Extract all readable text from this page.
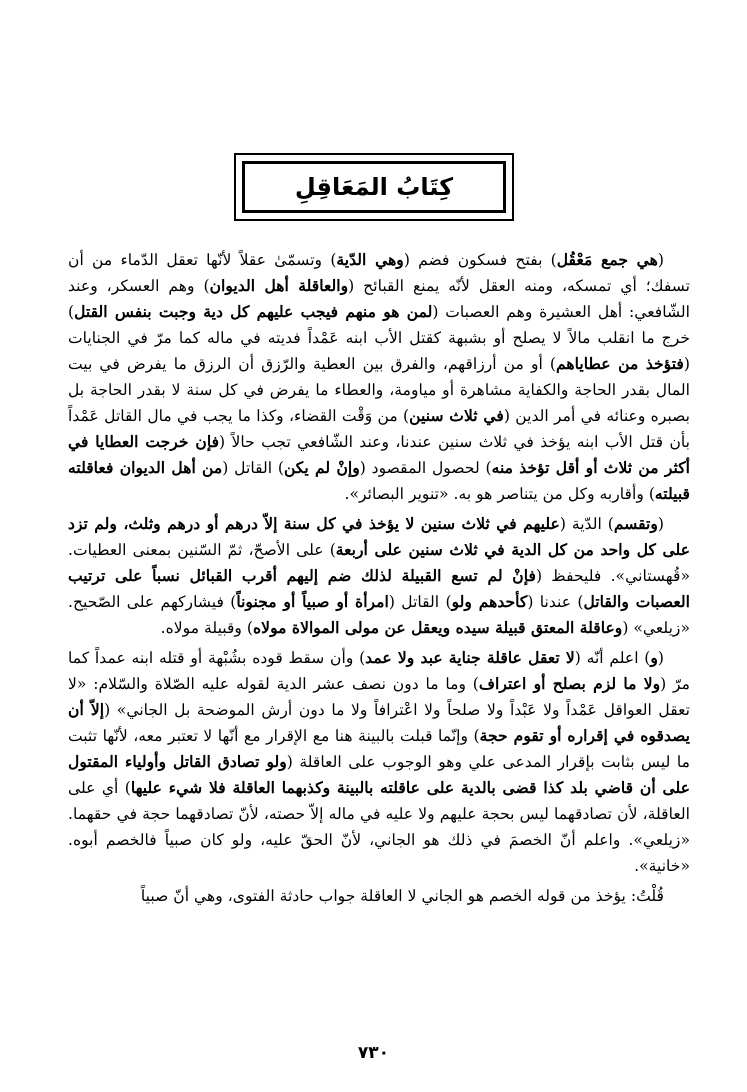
كِتَابُ المَعَاقِلِ

(هي جمع مَعْقُل) بفتح فسكون فضم (وهي الدّية) وتسمّىٰ عقلاً لأنّها تعقل الدّماء من أن تسفك؛ أي تمسكه، ومنه العقل لأنّه يمنع القبائح (والعاقلة أهل الديوان) وهم العسكر، وعند الشّافعي: أهل العشيرة وهم العصبات (لمن هو منهم فيجب عليهم كل دية وجبت بنفس القتل) خرج ما انقلب مالاً لا يصلح أو بشبهة كقتل الأب ابنه عَمْداً فديته في ماله كما مرّ في الجنايات (فتؤخذ من عطاياهم) أو من أرزاقهم، والفرق بين العطية والرّزق أن الرزق ما يفرض في بيت المال بقدر الحاجة والكفاية مشاهرة أو مياومة، والعطاء ما يفرض في كل سنة لا بقدر الحاجة بل بصبره وعنائه في أمر الدين (في ثلاث سنين) من وَقْت القضاء، وكذا ما يجب في مال القاتل عَمْداً بأن قتل الأب ابنه يؤخذ في ثلاث سنين عندنا، وعند الشّافعي تجب حالاً (فإن خرجت العطايا في أكثر من ثلاث أو أقل تؤخذ منه) لحصول المقصود (وإنْ لم يكن) القاتل (من أهل الديوان فعاقلته قبيلته) وأقاربه وكل من يتناصر هو به. «تنوير البصائر».

(وتقسم) الدّية (عليهم في ثلاث سنين لا يؤخذ في كل سنة إلاّ درهم أو درهم وثلث، ولم تزد على كل واحد من كل الدية في ثلاث سنين على أربعة) على الأصحّ، ثمّ السّنين بمعنى العطيات. «قُهستاني». فليحفظ (فإنْ لم تسع القبيلة لذلك ضم إليهم أقرب القبائل نسباً على ترتيب العصبات والقاتل) عندنا (كأحدهم ولو) القاتل (امرأة أو صبياً أو مجنوناً) فيشاركهم على الصّحيح. «زيلعي» (وعاقلة المعتق قبيلة سيده ويعقل عن مولى الموالاة مولاه) وقبيلة مولاه.

(و) اعلم أنّه (لا تعقل عاقلة جناية عبد ولا عمد) وأن سقط قوده بشُبْهة أو قتله ابنه عمداً كما مرّ (ولا ما لزم بصلح أو اعتراف) وما ما دون نصف عشر الدية لقوله عليه الصّلاة والسّلام: «لا تعقل العواقل عَمْداً ولا عَبْداً ولا صلحاً ولا اعْترافاً ولا ما دون أرش الموضحة بل الجاني» (إلاّ أن يصدقوه في إقراره أو تقوم حجة) وإنّما قبلت بالبينة هنا مع الإقرار مع أنّها لا تعتبر معه، لأنّها تثبت ما ليس بثابت بإقرار المدعى علي وهو الوجوب على العاقلة (ولو تصادق القاتل وأولياء المقتول على أن قاضي بلد كذا قضى بالدية على عاقلته بالبينة وكذبهما العاقلة فلا شيء عليها) أي على العاقلة، لأن تصادقهما ليس بحجة عليهم ولا عليه في ماله إلاّ حصته، لأنّ تصادقهما حجة في حقهما. «زيلعي». واعلم أنّ الخصمَ في ذلك هو الجاني، لأنّ الحقّ عليه، ولو كان صبياً فالخصم أبوه. «خانية».

قُلْتُ: يؤخذ من قوله الخصم هو الجاني لا العاقلة جواب حادثة الفتوى، وهي أنّ صبياً

٧٣٠
